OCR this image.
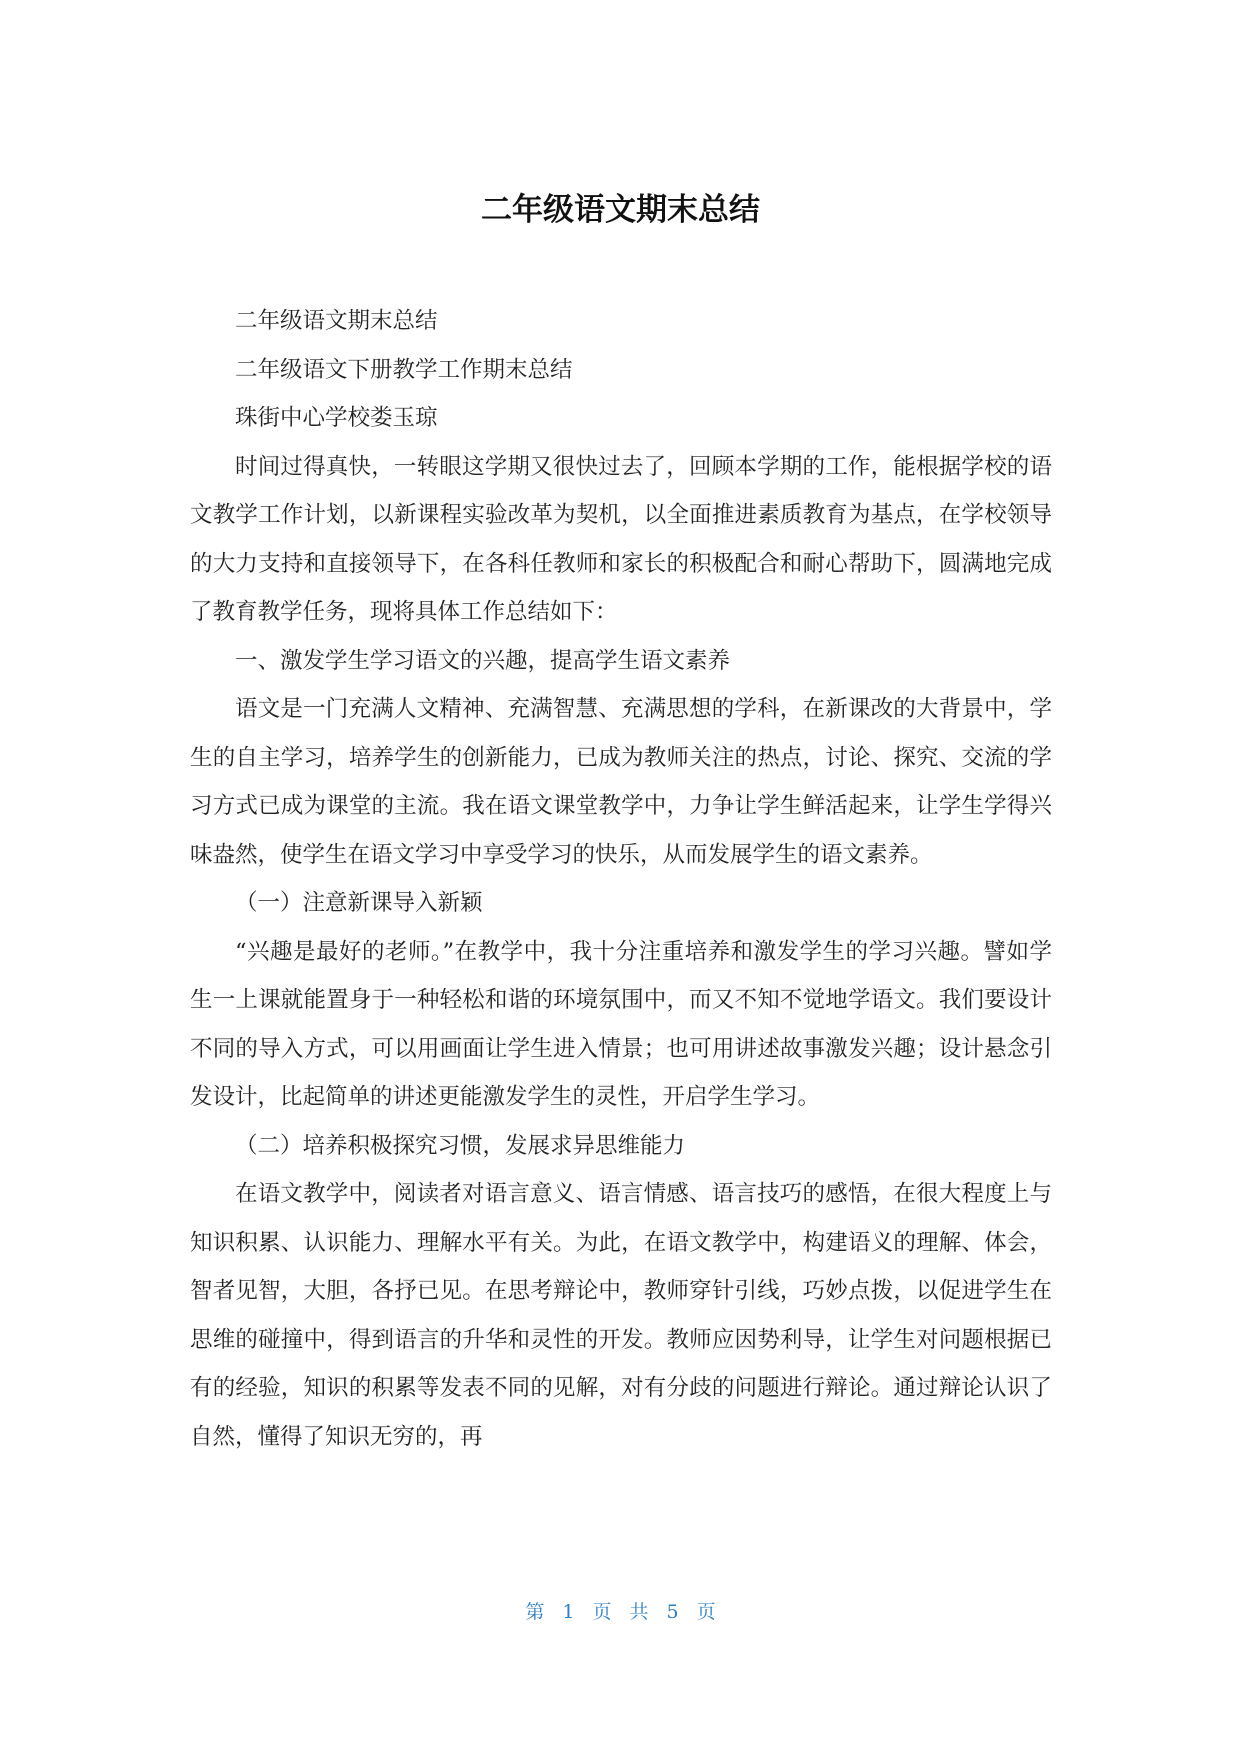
二年级语文期末总结

二年级语文期末总结

二年级语文下册教学工作期末总结

珠街中心学校娄玉琼

时间过得真快，一转眼这学期又很快过去了，回顾本学期的工作，能根据学校的语文教学工作计划，以新课程实验改革为契机，以全面推进素质教育为基点，在学校领导的大力支持和直接领导下，在各科任教师和家长的积极配合和耐心帮助下，圆满地完成了教育教学任务，现将具体工作总结如下：

一、激发学生学习语文的兴趣，提高学生语文素养

语文是一门充满人文精神、充满智慧、充满思想的学科，在新课改的大背景中，学生的自主学习，培养学生的创新能力，已成为教师关注的热点，讨论、探究、交流的学习方式已成为课堂的主流。我在语文课堂教学中，力争让学生鲜活起来，让学生学得兴味盎然，使学生在语文学习中享受学习的快乐，从而发展学生的语文素养。

（一）注意新课导入新颖

“兴趣是最好的老师。”在教学中，我十分注重培养和激发学生的学习兴趣。譬如学生一上课就能置身于一种轻松和谐的环境氛围中，而又不知不觉地学语文。我们要设计不同的导入方式，可以用画面让学生进入情景；也可用讲述故事激发兴趣；设计悬念引发设计，比起简单的讲述更能激发学生的灵性，开启学生学习。

（二）培养积极探究习惯，发展求异思维能力

在语文教学中，阅读者对语言意义、语言情感、语言技巧的感悟，在很大程度上与知识积累、认识能力、理解水平有关。为此，在语文教学中，构建语义的理解、体会，智者见智，大胆，各抒已见。在思考辩论中，教师穿针引线，巧妙点拨，以促进学生在思维的碰撞中，得到语言的升华和灵性的开发。教师应因势利导，让学生对问题根据已有的经验，知识的积累等发表不同的见解，对有分歧的问题进行辩论。通过辩论认识了自然，懂得了知识无穷的，再

第 1 页 共 5 页
